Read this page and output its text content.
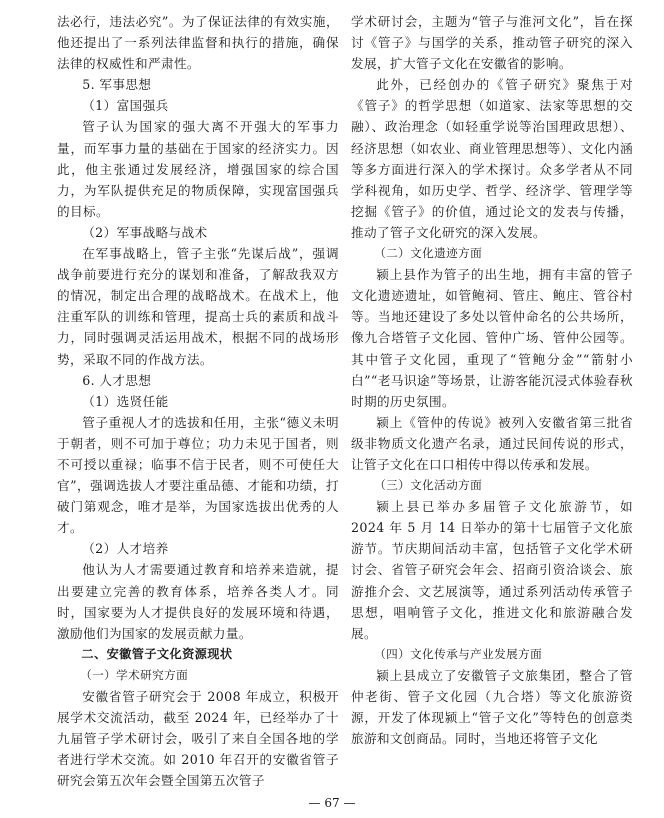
法必行，违法必究”。为了保证法律的有效实施，他还提出了一系列法律监督和执行的措施，确保法律的权威性和严肃性。

5. 军事思想
（1）富国强兵

管子认为国家的强大离不开强大的军事力量，而军事力量的基础在于国家的经济实力。因此，他主张通过发展经济，增强国家的综合国力，为军队提供充足的物质保障，实现富国强兵的目标。

（2）军事战略与战术

在军事战略上，管子主张“先谋后战”，强调战争前要进行充分的谋划和准备，了解敌我双方的情况，制定出合理的战略战术。在战术上，他注重军队的训练和管理，提高士兵的素质和战斗力，同时强调灵活运用战术，根据不同的战场形势，采取不同的作战方法。

6. 人才思想
（1）选贤任能

管子重视人才的选拔和任用，主张“德义未明于朝者，则不可加于尊位；功力未见于国者，则不可授以重禄；临事不信于民者，则不可使任大官”，强调选拔人才要注重品德、才能和功绩，打破门第观念，唯才是举，为国家选拔出优秀的人才。

（2）人才培养

他认为人才需要通过教育和培养来造就，提出要建立完善的教育体系，培养各类人才。同时，国家要为人才提供良好的发展环境和待遇，激励他们为国家的发展贡献力量。

二、安徽管子文化资源现状
（一）学术研究方面

安徽省管子研究会于 2008 年成立，积极开展学术交流活动，截至 2024 年，已经举办了十九届管子学术研讨会，吸引了来自全国各地的学者进行学术交流。如 2010 年召开的安徽省管子研究会第五次年会暨全国第五次管子

学术研讨会，主题为“管子与淮河文化”，旨在探讨《管子》与国学的关系，推动管子研究的深入发展，扩大管子文化在安徽省的影响。

此外，已经创办的《管子研究》聚焦于对《管子》的哲学思想（如道家、法家等思想的交融）、政治理念（如轻重学说等治国理政思想）、经济思想（如农业、商业管理思想等）、文化内涵等多方面进行深入的学术探讨。众多学者从不同学科视角，如历史学、哲学、经济学、管理学等挖掘《管子》的价值，通过论文的发表与传播，推动了管子文化研究的深入发展。

（二）文化遗迹方面

颍上县作为管子的出生地，拥有丰富的管子文化遗迹遗址，如管鲍祠、管庄、鲍庄、管谷村等。当地还建设了多处以管仲命名的公共场所，像九合塔管子文化园、管仲广场、管仲公园等。其中管子文化园，重现了“管鲍分金”“箭射小白”“老马识途”等场景，让游客能沉浸式体验春秋时期的历史氛围。

颍上《管仲的传说》被列入安徽省第三批省级非物质文化遗产名录，通过民间传说的形式，让管子文化在口口相传中得以传承和发展。

（三）文化活动方面

颍上县已举办多届管子文化旅游节，如 2024 年 5 月 14 日举办的第十七届管子文化旅游节。节庆期间活动丰富，包括管子文化学术研讨会、省管子研究会年会、招商引资洽谈会、旅游推介会、文艺展演等，通过系列活动传承管子思想，唱响管子文化，推进文化和旅游融合发展。

（四）文化传承与产业发展方面

颍上县成立了安徽管子文旅集团，整合了管仲老街、管子文化园（九合塔）等文化旅游资源，开发了体现颍上“管子文化”等特色的创意类旅游和文创商品。同时，当地还将管子文化

— 67 —
